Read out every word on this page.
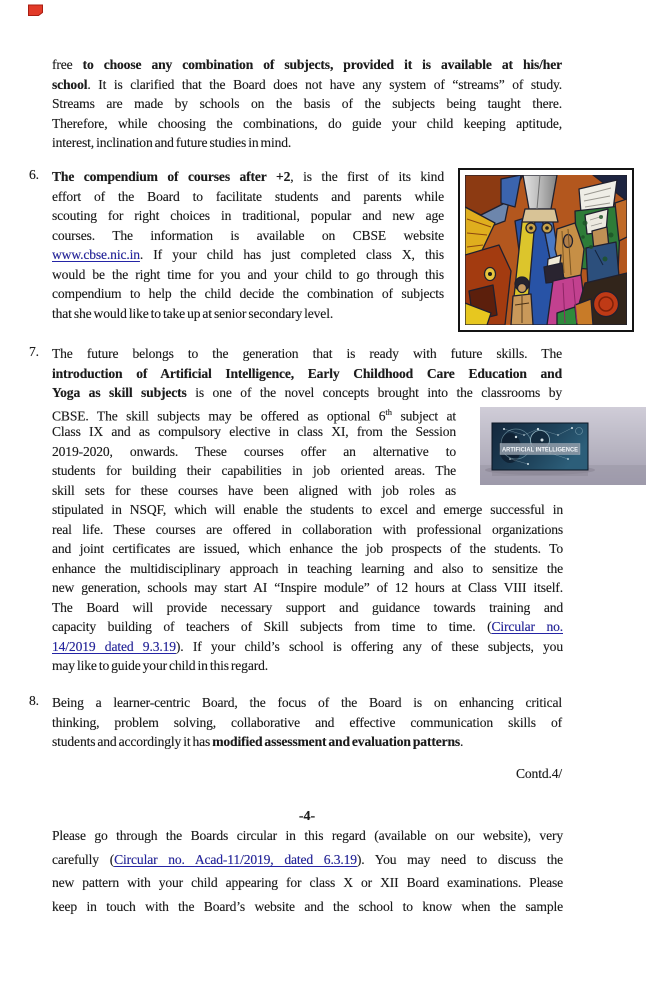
free to choose any combination of subjects, provided it is available at his/her
school. It is clarified that the Board does not have any system of “streams” of study.
Streams are made by schools on the basis of the subjects being taught there.
Therefore, while choosing the combinations, do guide your child keeping aptitude,
interest, inclination and future studies in mind.
6. The compendium of courses after +2, is the first of its kind
effort of the Board to facilitate students and parents while
scouting for right choices in traditional, popular and new age
courses. The information is available on CBSE website
www.cbse.nic.in. If your child has just completed class X, this
would be the right time for you and your child to go through this
compendium to help the child decide the combination of subjects
that she would like to take up at senior secondary level.
7. The future belongs to the generation that is ready with future skills. The
introduction of Artificial Intelligence, Early Childhood Care Education and
Yoga as skill subjects is one of the novel concepts brought into the classrooms by
CBSE. The skill subjects may be offered as optional 6th subject at
Class IX and as compulsory elective in class XI, from the Session
2019-2020, onwards. These courses offer an alternative to
students for building their capabilities in job oriented areas. The
skill sets for these courses have been aligned with job roles as
stipulated in NSQF, which will enable the students to excel and emerge successful in
real life. These courses are offered in collaboration with professional organizations
and joint certificates are issued, which enhance the job prospects of the students. To
enhance the multidisciplinary approach in teaching learning and also to sensitize the
new generation, schools may start AI “Inspire module” of 12 hours at Class VIII itself.
The Board will provide necessary support and guidance towards training and
capacity building of teachers of Skill subjects from time to time. (Circular no.
14/2019 dated 9.3.19). If your child’s school is offering any of these subjects, you
may like to guide your child in this regard.
ARTIFICIAL INTELLIGENCE
8. Being a learner-centric Board, the focus of the Board is on enhancing critical
thinking, problem solving, collaborative and effective communication skills of
students and accordingly it has modified assessment and evaluation patterns.
Contd.4/
-4-
Please go through the Boards circular in this regard (available on our website), very
carefully (Circular no. Acad-11/2019, dated 6.3.19). You may need to discuss the
new pattern with your child appearing for class X or XII Board examinations. Please
keep in touch with the Board’s website and the school to know when the sample
